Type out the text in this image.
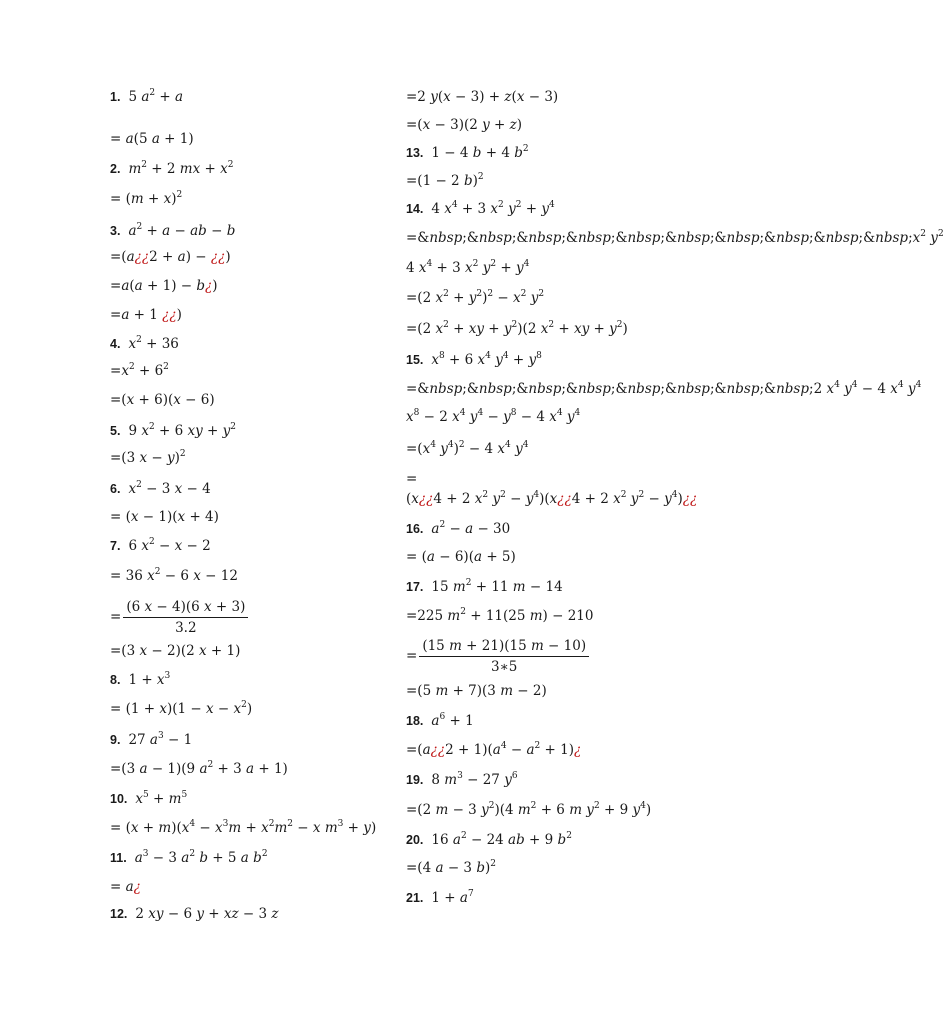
1. 5 $a^2 + a$
= a(5 a + 1)
2. $m^2 + 2$ mx + $x^2$
= $(m + x)^2$
3. $a^2 + a$ − ab − b
=(a¿¿2 + a) − ¿¿)
=a(a + 1) − b¿)
=a + 1 ¿¿)
4. $x^2 + 36$
$=x^2 + 6^2$
=(x + 6)(x − 6)
5. 9 $x^2 + 6$ xy + $y^2$
=(3 x − y)$^2$
6. $x^2 - 3$ x − 4
= (x − 1)(x + 4)
7. 6 $x^2 - x - 2$
= 36 $x^2 - 6$ x − 12
= $\frac{(6 x - 4)(6 x + 3)}{3.2}$
=(3 x − 2)(2 x + 1)
8. $1 + x^3$
= $(1 + x)(1 - x - x^2)$
9. 27 $a^3 - 1$
=(3 a − 1)(9 $a^2 + 3$ a + 1)
10. $x^5 + m^5$
= $(x + m)(x^4 - x^3m + x^2m^2 - x$ $m^3 + y$)
11. $a^3 - 3$ $a^2$ b + 5 a $b^2$
= a¿
12. 2 xy − 6 y + xz − 3 z
=2 y(x − 3) + z(x − 3)
=(x − 3)(2 y + z)
13. 1 − 4 b + 4 $b^2$
=(1 − 2 b)$^2$
14. 4 $x^4 + 3$ $x^2$ $y^2 + y^4$
$=\&nbsp;\&nbsp;\&nbsp;\&nbsp;\&nbsp;\&nbsp;\&nbsp;\&nbsp;\&nbsp;\&nbsp;x^2$ $y^2$
4 $x^4 + 3$ $x^2$ $y^2 + y^4$
=(2 $x^2 + y^2)^2 - x^2$ $y^2$
=(2 $x^2$ + xy + $y^2)(2$ $x^2$ + xy + $y^2$)
15. $x^8 + 6$ $x^4$ $y^4 + y^8$
=&nbsp;&nbsp;&nbsp;&nbsp;&nbsp;&nbsp;&nbsp;&nbsp;2 $x^4$ $y^4 - 4$ $x^4$ $y^4$
$x^8 - 2$ $x^4$ $y^4 - y^8 - 4$ $x^4$ $y^4$
$=(x^4$ $y^4)^2 - 4$ $x^4$ $y^4$
=
(x¿¿4 + 2 $x^2$ $y^2$ − $y^4)(x¿¿4 + 2$ $x^2$ $y^2$ − $y^4)¿¿$
16. $a^2 - a - 30$
= (a − 6)(a + 5)
17. 15 $m^2 + 11$ m − 14
=225 $m^2 + 11(25$ m) − 210
= $\frac{(15 m + 21)(15 m - 10)}{3∗5}$
=(5 m + 7)(3 m − 2)
18. $a^6 + 1$
=(a¿¿2 + $1)(a^4 - a^2$ + 1)¿
19. 8 $m^3 - 27$ $y^6$
=(2 m − 3 $y^2)(4$ $m^2 + 6$ m $y^2 + 9$ $y^4$)
20. 16 $a^2 - 24$ ab + 9 $b^2$
=(4 a − 3 b)$^2$
21. $1 + a^7$
